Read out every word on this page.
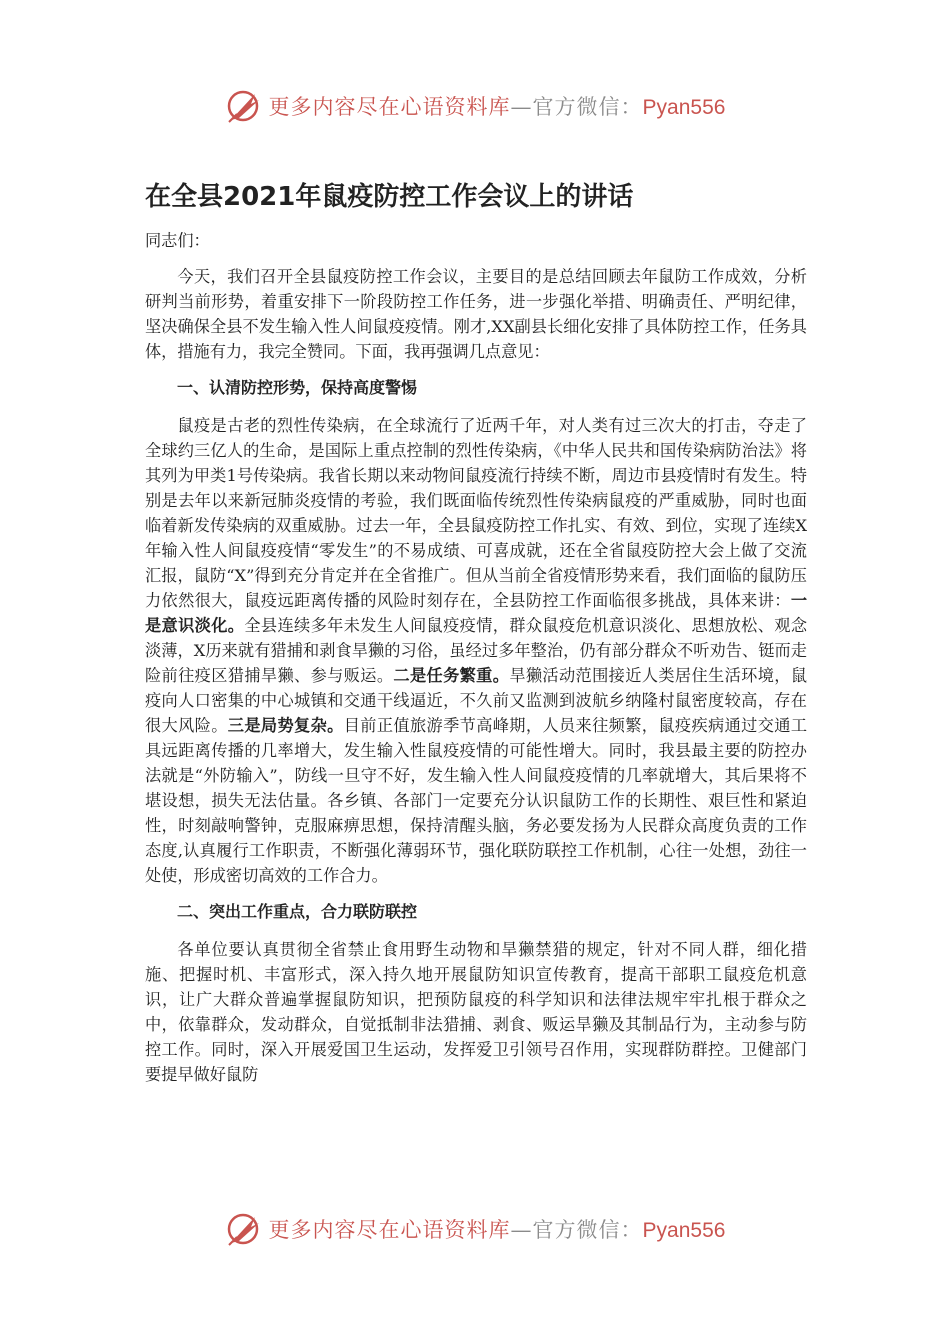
更多内容尽在心语资料库—官方微信：Pyan556
在全县2021年鼠疫防控工作会议上的讲话

同志们：

今天，我们召开全县鼠疫防控工作会议，主要目的是总结回顾去年鼠防工作成效，分析研判当前形势，着重安排下一阶段防控工作任务，进一步强化举措、明确责任、严明纪律，坚决确保全县不发生输入性人间鼠疫疫情。刚才,XX副县长细化安排了具体防控工作，任务具体，措施有力，我完全赞同。下面，我再强调几点意见：

一、认清防控形势，保持高度警惕

鼠疫是古老的烈性传染病，在全球流行了近两千年，对人类有过三次大的打击，夺走了全球约三亿人的生命，是国际上重点控制的烈性传染病，《中华人民共和国传染病防治法》将其列为甲类1号传染病。我省长期以来动物间鼠疫流行持续不断，周边市县疫情时有发生。特别是去年以来新冠肺炎疫情的考验，我们既面临传统烈性传染病鼠疫的严重威胁，同时也面临着新发传染病的双重威胁。过去一年，全县鼠疫防控工作扎实、有效、到位，实现了连续X年输入性人间鼠疫疫情“零发生”的不易成绩、可喜成就，还在全省鼠疫防控大会上做了交流汇报，鼠防“X”得到充分肯定并在全省推广。但从当前全省疫情形势来看，我们面临的鼠防压力依然很大，鼠疫远距离传播的风险时刻存在，全县防控工作面临很多挑战，具体来讲：一是意识淡化。全县连续多年未发生人间鼠疫疫情，群众鼠疫危机意识淡化、思想放松、观念淡薄，X历来就有猎捕和剥食旱獭的习俗，虽经过多年整治，仍有部分群众不听劝告、铤而走险前往疫区猎捕旱獭、参与贩运。二是任务繁重。旱獭活动范围接近人类居住生活环境，鼠疫向人口密集的中心城镇和交通干线逼近，不久前又监测到波航乡纳隆村鼠密度较高，存在很大风险。三是局势复杂。目前正值旅游季节高峰期，人员来往频繁，鼠疫疾病通过交通工具远距离传播的几率增大，发生输入性鼠疫疫情的可能性增大。同时，我县最主要的防控办法就是“外防输入”，防线一旦守不好，发生输入性人间鼠疫疫情的几率就增大，其后果将不堪设想，损失无法估量。各乡镇、各部门一定要充分认识鼠防工作的长期性、艰巨性和紧迫性，时刻敲响警钟，克服麻痹思想，保持清醒头脑，务必要发扬为人民群众高度负责的工作态度,认真履行工作职责，不断强化薄弱环节，强化联防联控工作机制，心往一处想，劲往一处使，形成密切高效的工作合力。

二、突出工作重点，合力联防联控

各单位要认真贯彻全省禁止食用野生动物和旱獭禁猎的规定，针对不同人群，细化措施、把握时机、丰富形式，深入持久地开展鼠防知识宣传教育，提高干部职工鼠疫危机意识，让广大群众普遍掌握鼠防知识，把预防鼠疫的科学知识和法律法规牢牢扎根于群众之中，依靠群众，发动群众，自觉抵制非法猎捕、剥食、贩运旱獭及其制品行为，主动参与防控工作。同时，深入开展爱国卫生运动，发挥爱卫引领号召作用，实现群防群控。卫健部门要提早做好鼠防

更多内容尽在心语资料库—官方微信：Pyan556
